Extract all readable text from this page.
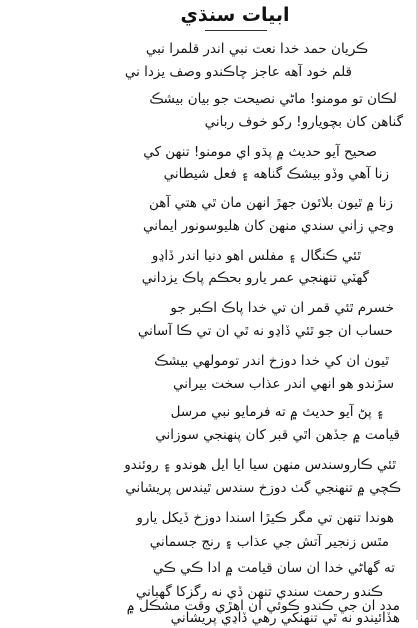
ابيات سنڌي
ڪريان حمد خدا نعت نبي اندر قلمرا نبي
قلم خود آهه عاجز چاڪندو وصف يزدا ني
لڪان تو مومنو! ماڻي نصيحت جو بيان بيشڪ
گناهن کان بچويارو! رکو خوف رباني
صحيح آيو حديث ۾ پڌو اي مومنو! تنهن کي
زنا آهي وڏو بيشڪ گناهه ۽ فعل شيطاني
زنا ۾ ٿيون بلائون جهڙ انهن مان ٿي هتي آهن
وڃي زاني سندي منهن کان هليوسونور ايماني
ٿئي ڪنگال ۽ مفلس اهو دنيا اندر ڏاڍو
گهٽي تنهنجي عمر يارو بحڪم پاڪ يزداني
خسرم ٿئي قمر ان تي خدا پاڪ اڪبر جو
حساب ان جو ٿئي ڏاڍو نه ٿي ان تي ڪا آساني
ٿيون ان کي خدا دوزخ اندر تومولهي بيشڪ
سڙندو هو انهي اندر عذاب سخت بيراني
۽ پڻ آيو حديث ۾ ته فرمايو نبي مرسل
قيامت ۾ جڏهن اٿي قبر کان پنهنجي سوزاني
ٿئي ڪاروسندس منهن سيا ايا ايل هوندو ۽ روئندو
ڪچي ۾ تنهنجي گٺ دوزخ سندس ٿيندس پريشاني
هوندا تنهن تي مگر ڪيڙا اسندا دوزخ ڏيکل يارو
مٿس زنجير آتش جي عذاب ۽ رنج جسماني
ته گهاڻي خدا ان سان قيامت ۾ ادا ڪي ڪي
ڪندو رحمت سندي تنهن ڏي نه رگزکا گهباني
مدد ان جي ڪندو ڪوئي ان اهڙي وقت مشڪل ۾
هڏائيندو نه ٿي تنهنکي رهي ڏاڍي پريشاني
